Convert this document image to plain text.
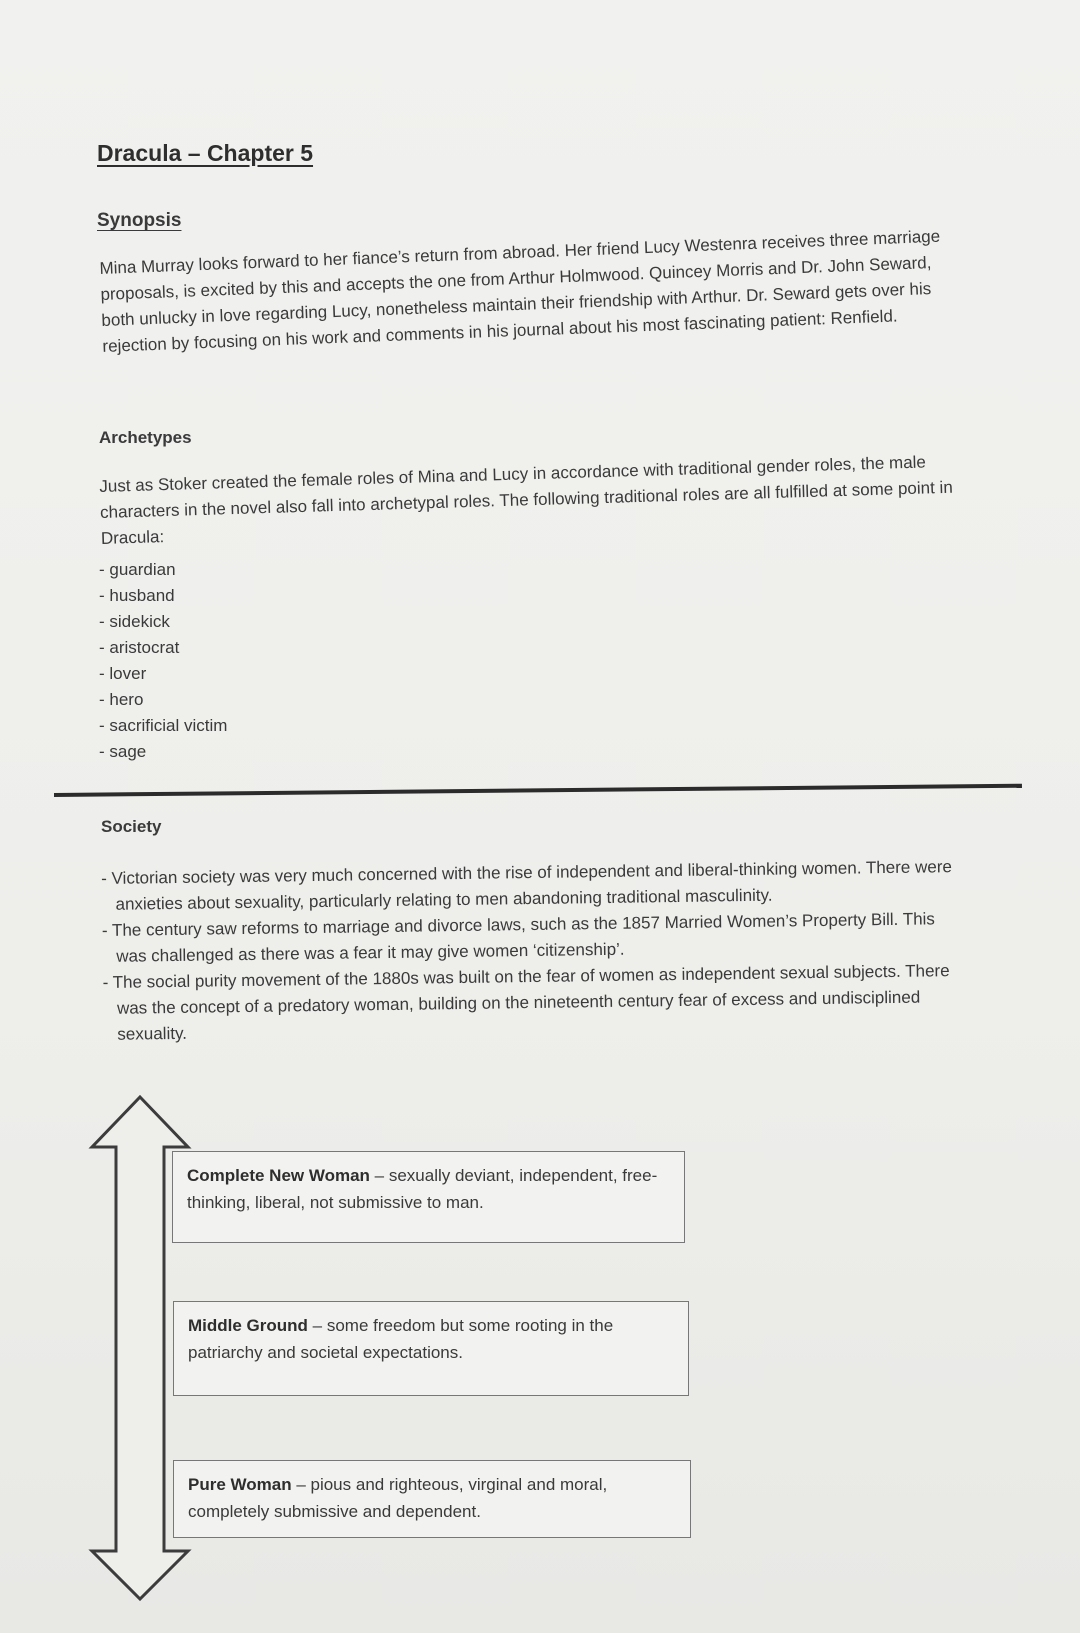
Dracula – Chapter 5
Synopsis
Mina Murray looks forward to her fiance’s return from abroad. Her friend Lucy Westenra receives three marriage proposals, is excited by this and accepts the one from Arthur Holmwood. Quincey Morris and Dr. John Seward, both unlucky in love regarding Lucy, nonetheless maintain their friendship with Arthur. Dr. Seward gets over his rejection by focusing on his work and comments in his journal about his most fascinating patient: Renfield.
Archetypes
Just as Stoker created the female roles of Mina and Lucy in accordance with traditional gender roles, the male characters in the novel also fall into archetypal roles. The following traditional roles are all fulfilled at some point in Dracula:
- guardian
- husband
- sidekick
- aristocrat
- lover
- hero
- sacrificial victim
- sage
Society
- Victorian society was very much concerned with the rise of independent and liberal-thinking women. There were anxieties about sexuality, particularly relating to men abandoning traditional masculinity.
- The century saw reforms to marriage and divorce laws, such as the 1857 Married Women’s Property Bill. This was challenged as there was a fear it may give women ‘citizenship’.
- The social purity movement of the 1880s was built on the fear of women as independent sexual subjects. There was the concept of a predatory woman, building on the nineteenth century fear of excess and undisciplined sexuality.
Complete New Woman – sexually deviant, independent, free-thinking, liberal, not submissive to man.
Middle Ground – some freedom but some rooting in the patriarchy and societal expectations.
Pure Woman – pious and righteous, virginal and moral, completely submissive and dependent.
